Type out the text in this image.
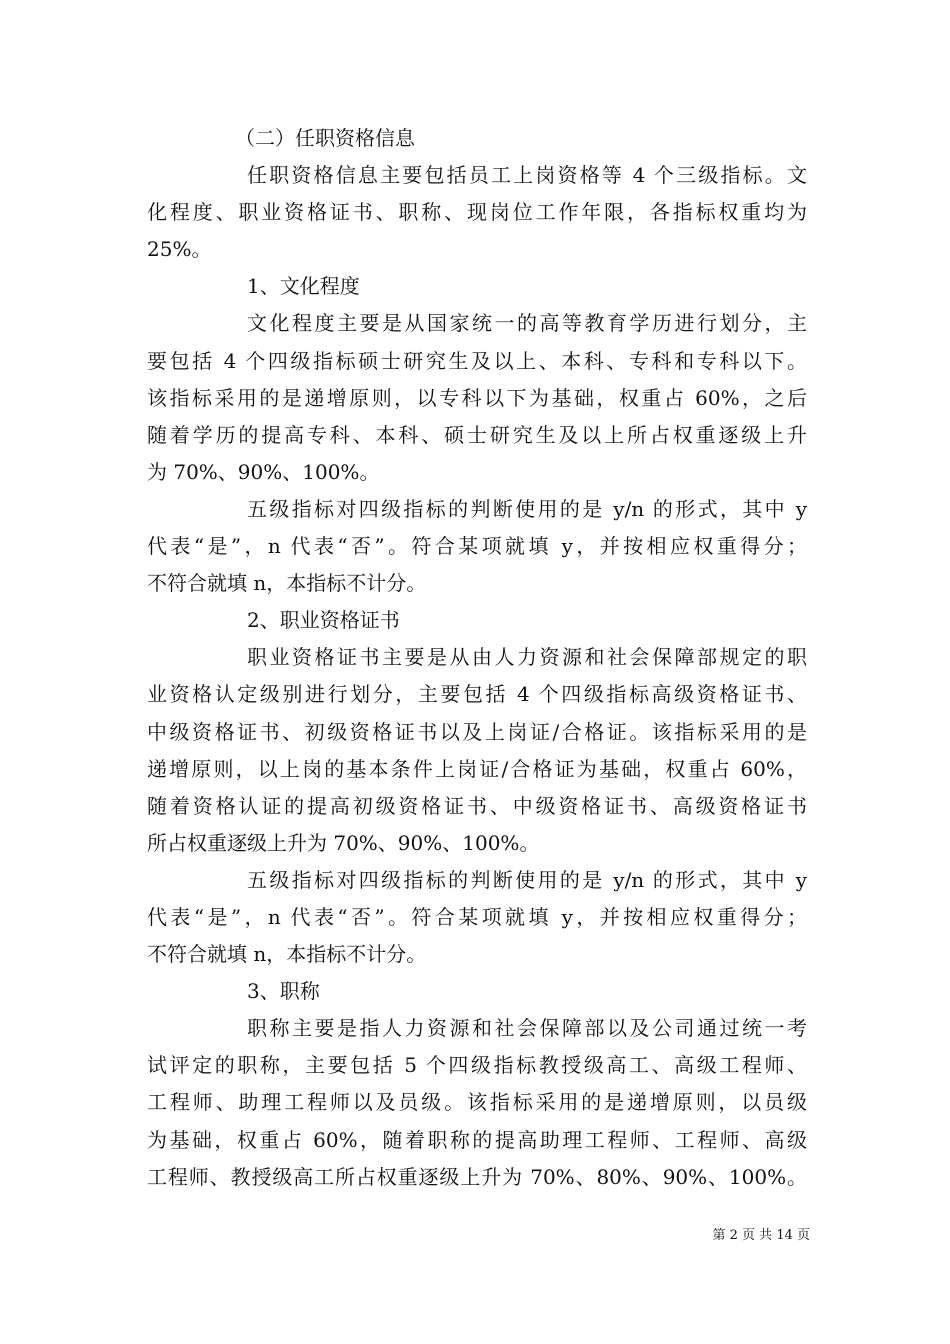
（二）任职资格信息
任职资格信息主要包括员工上岗资格等 4 个三级指标。文
化程度、职业资格证书、职称、现岗位工作年限，各指标权重均为
25%。
1、文化程度
文化程度主要是从国家统一的高等教育学历进行划分，主
要包括 4 个四级指标硕士研究生及以上、本科、专科和专科以下。
该指标采用的是递增原则，以专科以下为基础，权重占 60%，之后
随着学历的提高专科、本科、硕士研究生及以上所占权重逐级上升
为 70%、90%、100%。
五级指标对四级指标的判断使用的是 y/n 的形式，其中 y
代表“是”，n 代表“否”。符合某项就填 y，并按相应权重得分；
不符合就填 n，本指标不计分。
2、职业资格证书
职业资格证书主要是从由人力资源和社会保障部规定的职
业资格认定级别进行划分，主要包括 4 个四级指标高级资格证书、
中级资格证书、初级资格证书以及上岗证/合格证。该指标采用的是
递增原则，以上岗的基本条件上岗证/合格证为基础，权重占 60%，
随着资格认证的提高初级资格证书、中级资格证书、高级资格证书
所占权重逐级上升为 70%、90%、100%。
五级指标对四级指标的判断使用的是 y/n 的形式，其中 y
代表“是”，n 代表“否”。符合某项就填 y，并按相应权重得分；
不符合就填 n，本指标不计分。
3、职称
职称主要是指人力资源和社会保障部以及公司通过统一考
试评定的职称，主要包括 5 个四级指标教授级高工、高级工程师、
工程师、助理工程师以及员级。该指标采用的是递增原则，以员级
为基础，权重占 60%，随着职称的提高助理工程师、工程师、高级
工程师、教授级高工所占权重逐级上升为 70%、80%、90%、100%。
第 2 页 共 14 页
